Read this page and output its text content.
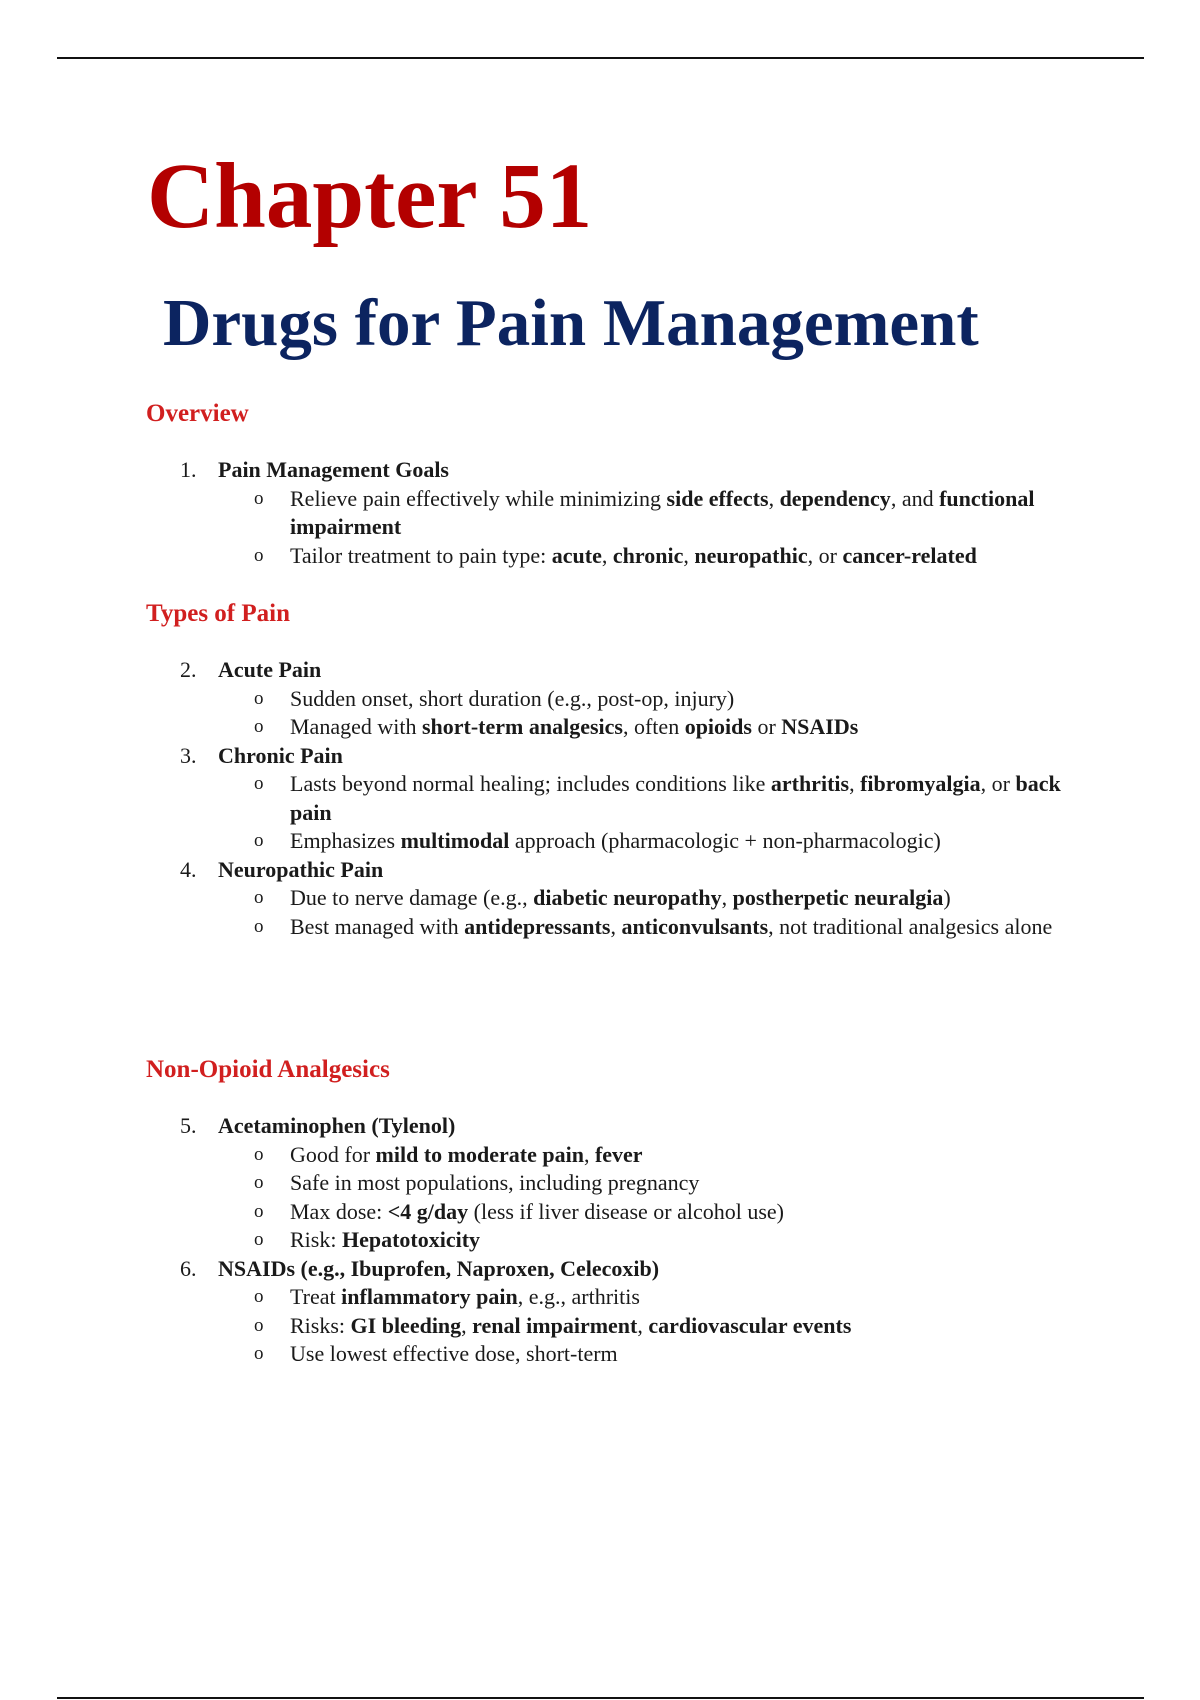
Chapter 51
Drugs for Pain Management
Overview
1. Pain Management Goals
o Relieve pain effectively while minimizing side effects, dependency, and functional impairment
o Tailor treatment to pain type: acute, chronic, neuropathic, or cancer-related
Types of Pain
2. Acute Pain
o Sudden onset, short duration (e.g., post-op, injury)
o Managed with short-term analgesics, often opioids or NSAIDs
3. Chronic Pain
o Lasts beyond normal healing; includes conditions like arthritis, fibromyalgia, or back pain
o Emphasizes multimodal approach (pharmacologic + non-pharmacologic)
4. Neuropathic Pain
o Due to nerve damage (e.g., diabetic neuropathy, postherpetic neuralgia)
o Best managed with antidepressants, anticonvulsants, not traditional analgesics alone
Non-Opioid Analgesics
5. Acetaminophen (Tylenol)
o Good for mild to moderate pain, fever
o Safe in most populations, including pregnancy
o Max dose: <4 g/day (less if liver disease or alcohol use)
o Risk: Hepatotoxicity
6. NSAIDs (e.g., Ibuprofen, Naproxen, Celecoxib)
o Treat inflammatory pain, e.g., arthritis
o Risks: GI bleeding, renal impairment, cardiovascular events
o Use lowest effective dose, short-term
